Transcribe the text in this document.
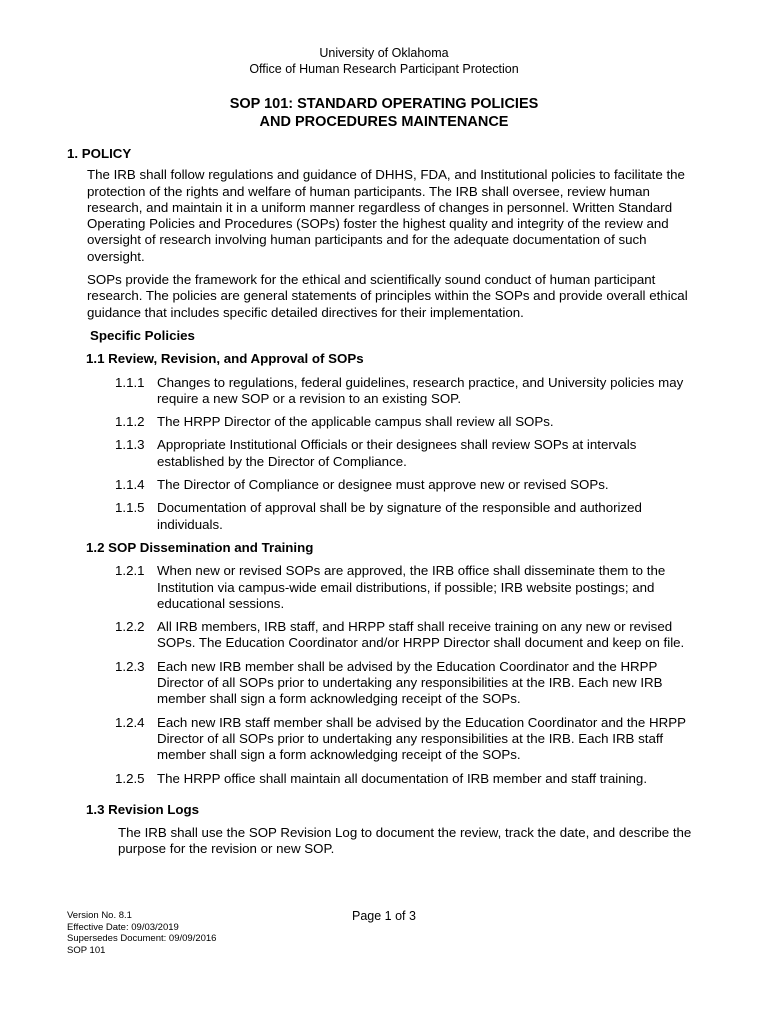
University of Oklahoma
Office of Human Research Participant Protection
SOP 101: STANDARD OPERATING POLICIES
AND PROCEDURES MAINTENANCE
1. POLICY
The IRB shall follow regulations and guidance of DHHS, FDA, and Institutional policies to facilitate the protection of the rights and welfare of human participants. The IRB shall oversee, review human research, and maintain it in a uniform manner regardless of changes in personnel. Written Standard Operating Policies and Procedures (SOPs) foster the highest quality and integrity of the review and oversight of research involving human participants and for the adequate documentation of such oversight.
SOPs provide the framework for the ethical and scientifically sound conduct of human participant research. The policies are general statements of principles within the SOPs and provide overall ethical guidance that includes specific detailed directives for their implementation.
Specific Policies
1.1 Review, Revision, and Approval of SOPs
1.1.1 Changes to regulations, federal guidelines, research practice, and University policies may require a new SOP or a revision to an existing SOP.
1.1.2 The HRPP Director of the applicable campus shall review all SOPs.
1.1.3 Appropriate Institutional Officials or their designees shall review SOPs at intervals established by the Director of Compliance.
1.1.4 The Director of Compliance or designee must approve new or revised SOPs.
1.1.5 Documentation of approval shall be by signature of the responsible and authorized individuals.
1.2 SOP Dissemination and Training
1.2.1 When new or revised SOPs are approved, the IRB office shall disseminate them to the Institution via campus-wide email distributions, if possible; IRB website postings; and educational sessions.
1.2.2 All IRB members, IRB staff, and HRPP staff shall receive training on any new or revised SOPs. The Education Coordinator and/or HRPP Director shall document and keep on file.
1.2.3 Each new IRB member shall be advised by the Education Coordinator and the HRPP Director of all SOPs prior to undertaking any responsibilities at the IRB. Each new IRB member shall sign a form acknowledging receipt of the SOPs.
1.2.4 Each new IRB staff member shall be advised by the Education Coordinator and the HRPP Director of all SOPs prior to undertaking any responsibilities at the IRB. Each IRB staff member shall sign a form acknowledging receipt of the SOPs.
1.2.5 The HRPP office shall maintain all documentation of IRB member and staff training.
1.3 Revision Logs
The IRB shall use the SOP Revision Log to document the review, track the date, and describe the purpose for the revision or new SOP.
Version No. 8.1
Effective Date: 09/03/2019
Supersedes Document: 09/09/2016
SOP 101
Page 1 of 3
